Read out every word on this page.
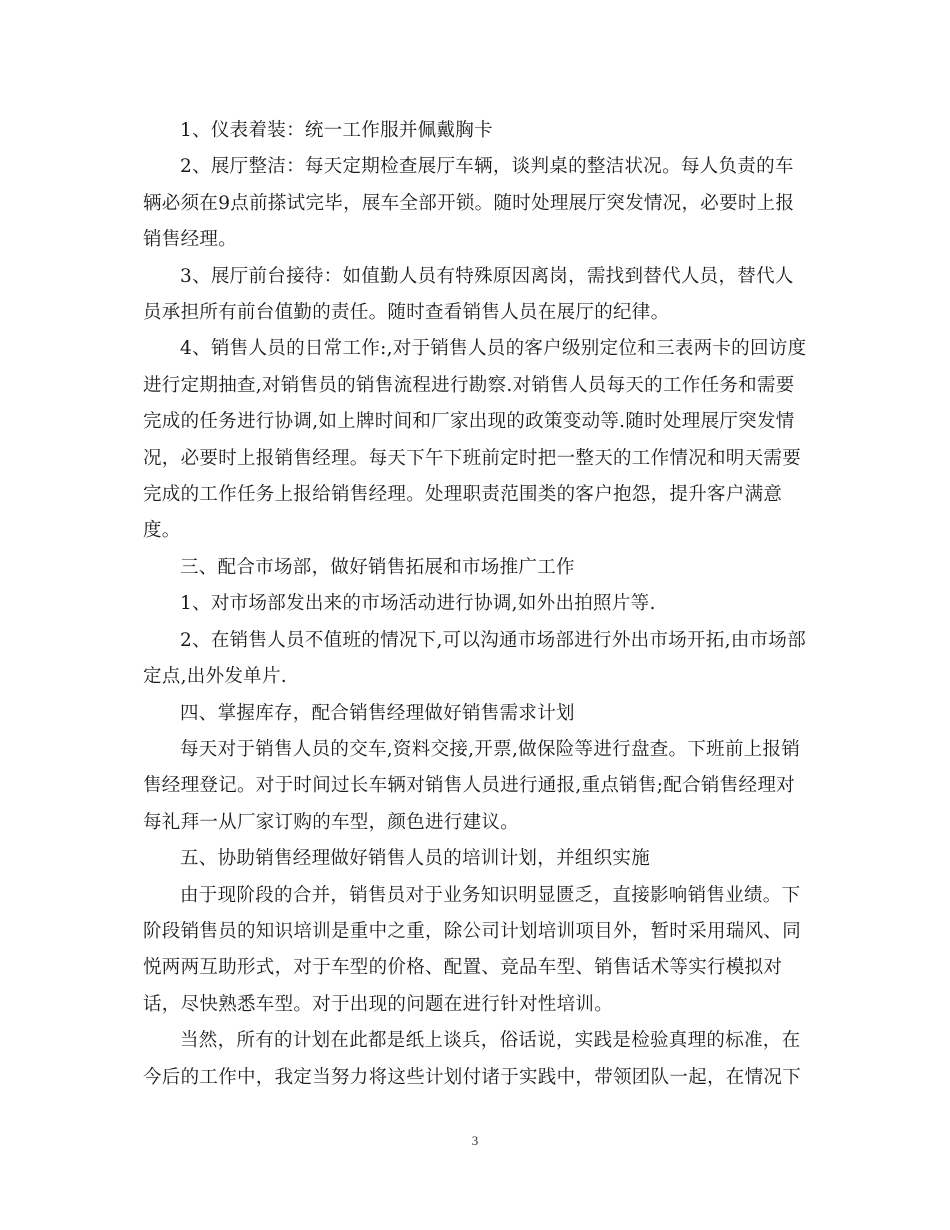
1、仪表着装：统一工作服并佩戴胸卡

2、展厅整洁：每天定期检查展厅车辆，谈判桌的整洁状况。每人负责的车辆必须在9点前搽试完毕，展车全部开锁。随时处理展厅突发情况，必要时上报销售经理。

3、展厅前台接待：如值勤人员有特殊原因离岗，需找到替代人员，替代人员承担所有前台值勤的责任。随时查看销售人员在展厅的纪律。

4、销售人员的日常工作:,对于销售人员的客户级别定位和三表两卡的回访度进行定期抽查,对销售员的销售流程进行勘察.对销售人员每天的工作任务和需要完成的任务进行协调,如上牌时间和厂家出现的政策变动等.随时处理展厅突发情况，必要时上报销售经理。每天下午下班前定时把一整天的工作情况和明天需要完成的工作任务上报给销售经理。处理职责范围类的客户抱怨，提升客户满意度。

三、配合市场部，做好销售拓展和市场推广工作

1、对市场部发出来的市场活动进行协调,如外出拍照片等.

2、在销售人员不值班的情况下,可以沟通市场部进行外出市场开拓,由市场部定点,出外发单片.

四、掌握库存，配合销售经理做好销售需求计划

每天对于销售人员的交车,资料交接,开票,做保险等进行盘查。下班前上报销售经理登记。对于时间过长车辆对销售人员进行通报,重点销售;配合销售经理对每礼拜一从厂家订购的车型，颜色进行建议。

五、协助销售经理做好销售人员的培训计划，并组织实施

由于现阶段的合并，销售员对于业务知识明显匮乏，直接影响销售业绩。下阶段销售员的知识培训是重中之重，除公司计划培训项目外，暂时采用瑞风、同悦两两互助形式，对于车型的价格、配置、竞品车型、销售话术等实行模拟对话，尽快熟悉车型。对于出现的问题在进行针对性培训。

当然，所有的计划在此都是纸上谈兵，俗话说，实践是检验真理的标准，在今后的工作中，我定当努力将这些计划付诸于实践中，带领团队一起，在情况下

3
